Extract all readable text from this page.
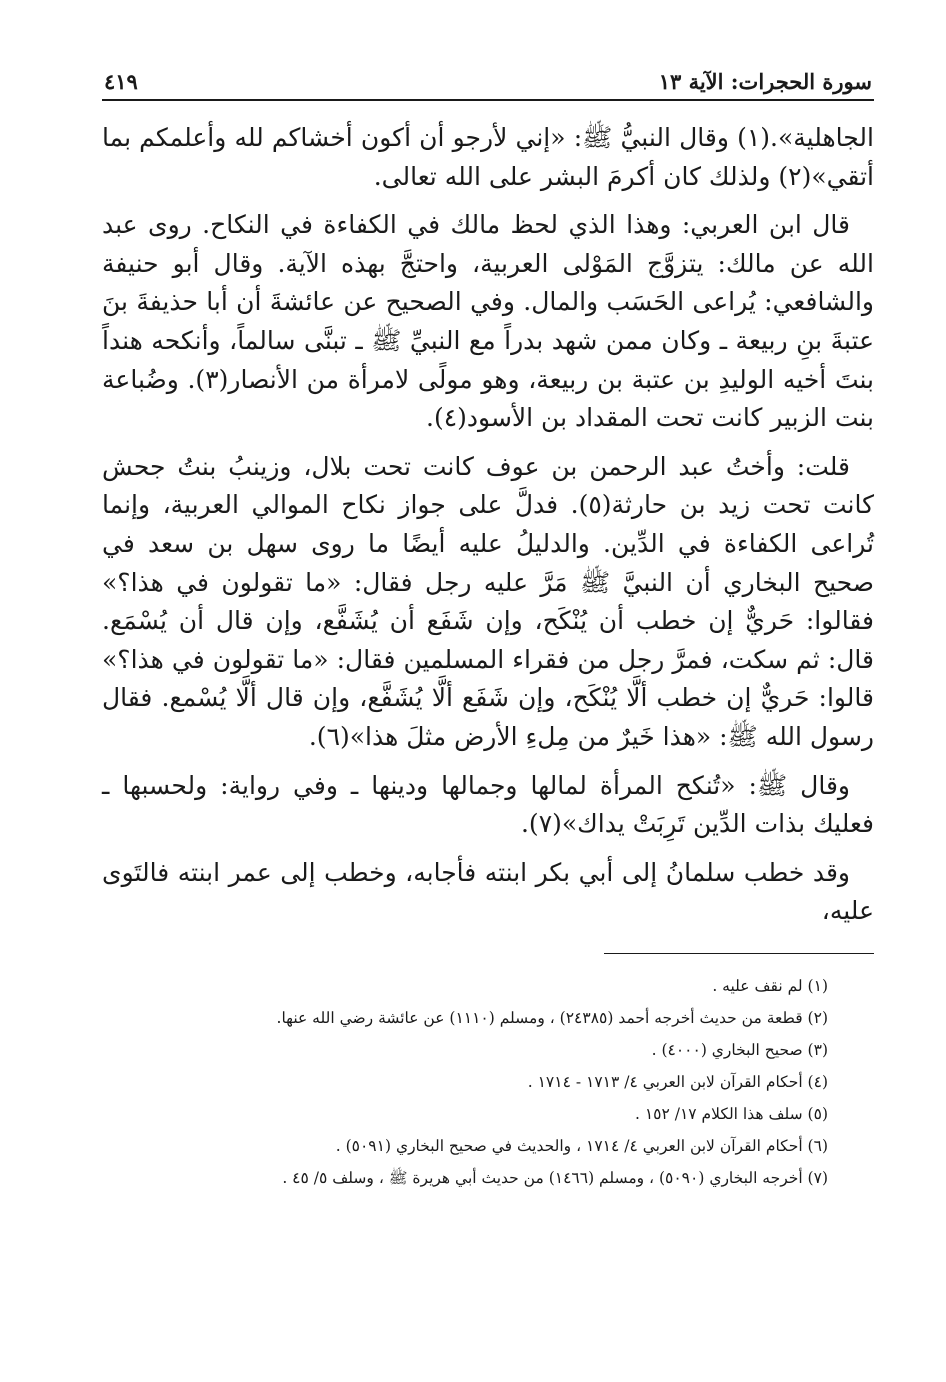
سورة الحجرات: الآية ١٣
٤١٩

الجاهلية».(١) وقال النبيُّ ﷺ: «إني لأرجو أن أكون أخشاكم لله وأعلمكم بما أتقي»(٢) ولذلك كان أكرمَ البشر على الله تعالى.

قال ابن العربي: وهذا الذي لحظ مالك في الكفاءة في النكاح. روى عبد الله عن مالك: يتزوَّج المَوْلى العربية، واحتجَّ بهذه الآية. وقال أبو حنيفة والشافعي: يُراعى الحَسَب والمال. وفي الصحيح عن عائشةَ أن أبا حذيفةَ بنَ عتبةَ بنِ ربيعة ـ وكان ممن شهد بدراً مع النبيِّ ﷺ ـ تبنَّى سالماً، وأنكحه هنداً بنتَ أخيه الوليدِ بن عتبة بن ربيعة، وهو مولًى لامرأة من الأنصار(٣). وضُباعة بنت الزبير كانت تحت المقداد بن الأسود(٤).

قلت: وأختُ عبد الرحمن بن عوف كانت تحت بلال، وزينبُ بنتُ جحش كانت تحت زيد بن حارثة(٥). فدلَّ على جواز نكاح الموالي العربية، وإنما تُراعى الكفاءة في الدِّين. والدليلُ عليه أيضًا ما روى سهل بن سعد في صحيح البخاري أن النبيَّ ﷺ مَرَّ عليه رجل فقال: «ما تقولون في هذا؟» فقالوا: حَريٌّ إن خطب أن يُنْكَح، وإن شَفَع أن يُشَفَّع، وإن قال أن يُسْمَع. قال: ثم سكت، فمرَّ رجل من فقراء المسلمين فقال: «ما تقولون في هذا؟» قالوا: حَريٌّ إن خطب ألَّا يُنْكَح، وإن شَفَع ألَّا يُشَفَّع، وإن قال ألَّا يُسْمع. فقال رسول الله ﷺ: «هذا خَيرٌ من مِلءِ الأرض مثلَ هذا»(٦).

وقال ﷺ: «تُنكح المرأة لمالها وجمالها ودينها ـ وفي رواية: ولحسبها ـ فعليك بذات الدِّين تَرِبَتْ يداك»(٧).

وقد خطب سلمانُ إلى أبي بكر ابنته فأجابه، وخطب إلى عمر ابنته فالتَوى عليه،

(١) لم نقف عليه .

(٢) قطعة من حديث أخرجه أحمد (٢٤٣٨٥) ، ومسلم (١١١٠) عن عائشة رضي الله عنها.

(٣) صحيح البخاري (٤٠٠٠) .

(٤) أحكام القرآن لابن العربي ٤/ ١٧١٣ - ١٧١٤ .

(٥) سلف هذا الكلام ١٧/ ١٥٢ .

(٦) أحكام القرآن لابن العربي ٤/ ١٧١٤ ، والحديث في صحيح البخاري (٥٠٩١) .

(٧) أخرجه البخاري (٥٠٩٠) ، ومسلم (١٤٦٦) من حديث أبي هريرة ﷺ ، وسلف ٥/ ٤٥ .
